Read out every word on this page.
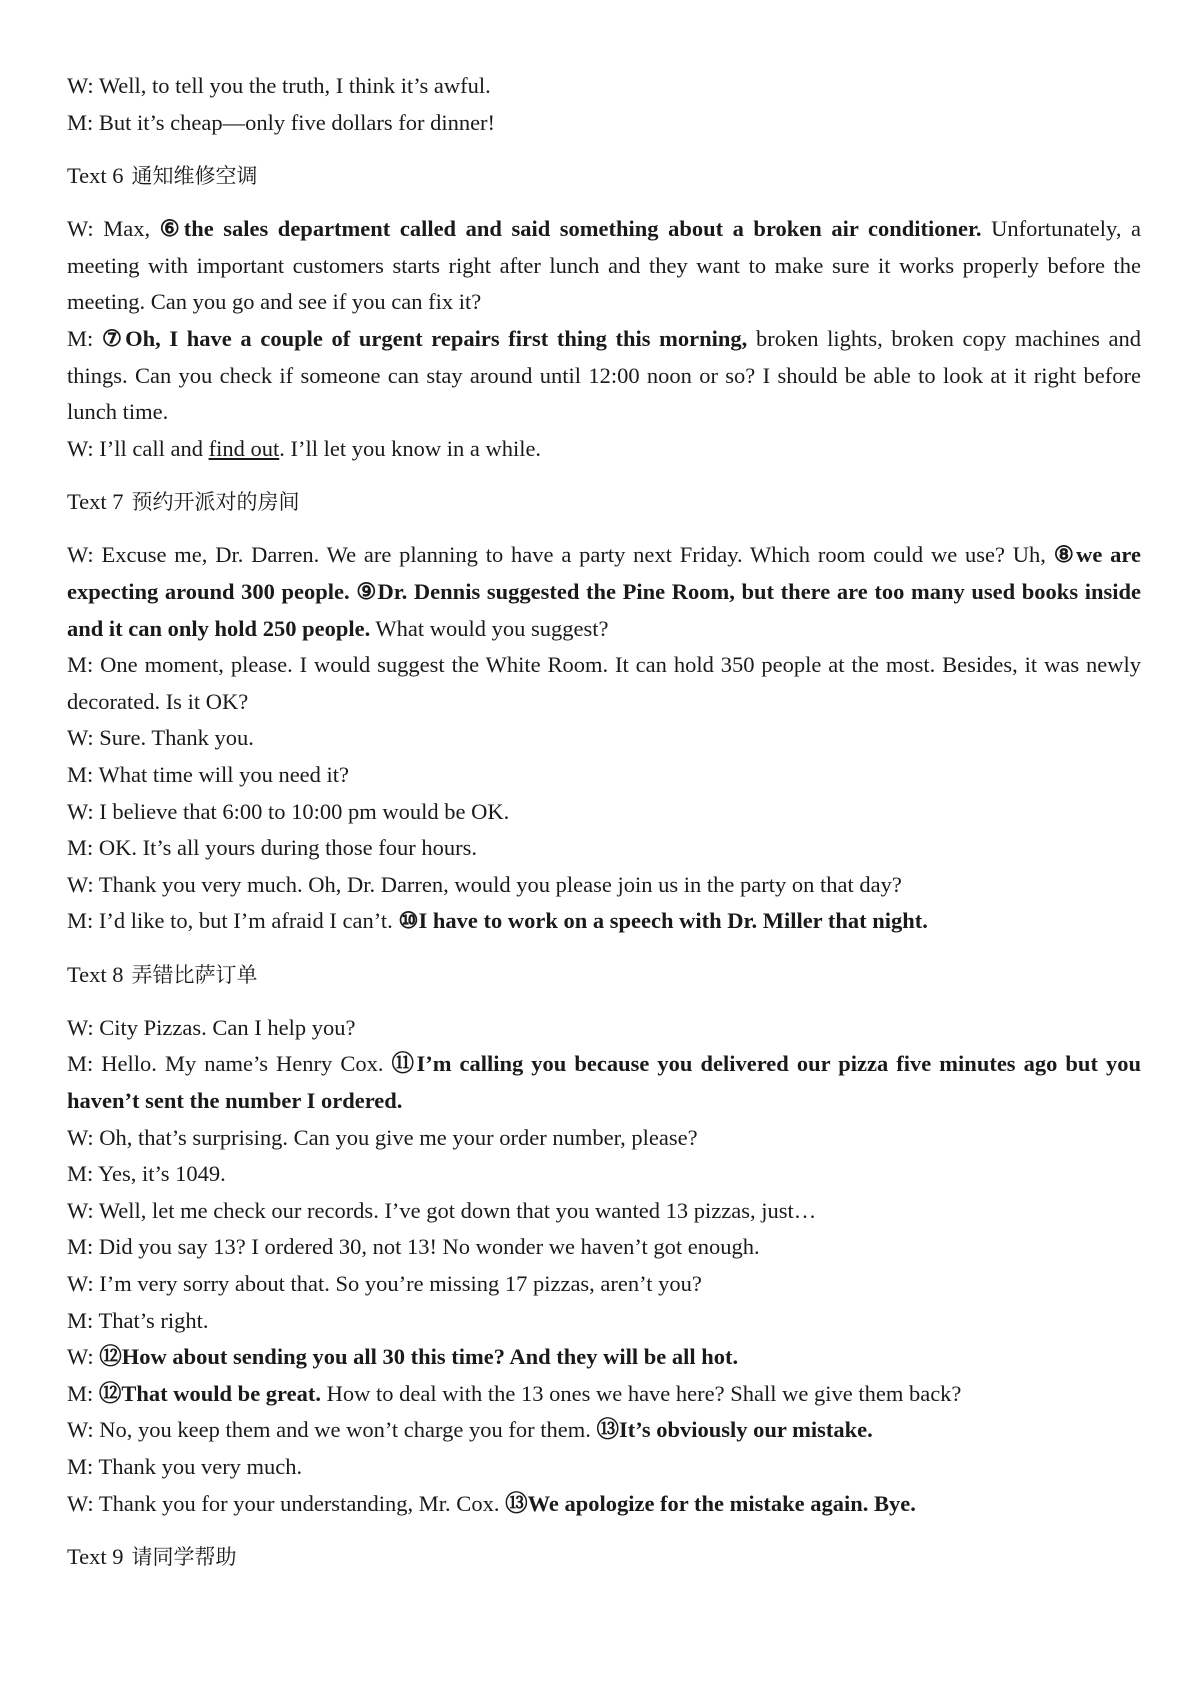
W: Well, to tell you the truth, I think it’s awful.

M: But it’s cheap—only five dollars for dinner!

Text 6 通知维修空调

W: Max, ⑥the sales department called and said something about a broken air conditioner. Unfortunately, a meeting with important customers starts right after lunch and they want to make sure it works properly before the meeting. Can you go and see if you can fix it?

M: ⑦Oh, I have a couple of urgent repairs first thing this morning, broken lights, broken copy machines and things. Can you check if someone can stay around until 12:00 noon or so? I should be able to look at it right before lunch time.

W: I’ll call and find out. I’ll let you know in a while.

Text 7 预约开派对的房间

W: Excuse me, Dr. Darren. We are planning to have a party next Friday. Which room could we use? Uh, ⑧we are expecting around 300 people. ⑨Dr. Dennis suggested the Pine Room, but there are too many used books inside and it can only hold 250 people. What would you suggest?

M: One moment, please. I would suggest the White Room. It can hold 350 people at the most. Besides, it was newly decorated. Is it OK?

W: Sure. Thank you.

M: What time will you need it?

W: I believe that 6:00 to 10:00 pm would be OK.

M: OK. It’s all yours during those four hours.

W: Thank you very much. Oh, Dr. Darren, would you please join us in the party on that day?

M: I’d like to, but I’m afraid I can’t. ⑩I have to work on a speech with Dr. Miller that night.

Text 8 弄错比萨订单

W: City Pizzas. Can I help you?

M: Hello. My name’s Henry Cox. ⑪I’m calling you because you delivered our pizza five minutes ago but you haven’t sent the number I ordered.

W: Oh, that’s surprising. Can you give me your order number, please?

M: Yes, it’s 1049.

W: Well, let me check our records. I’ve got down that you wanted 13 pizzas, just…

M: Did you say 13? I ordered 30, not 13! No wonder we haven’t got enough.

W: I’m very sorry about that. So you’re missing 17 pizzas, aren’t you?

M: That’s right.

W: ⑫How about sending you all 30 this time? And they will be all hot.

M: ⑫That would be great. How to deal with the 13 ones we have here? Shall we give them back?

W: No, you keep them and we won’t charge you for them. ⑬It’s obviously our mistake.

M: Thank you very much.

W: Thank you for your understanding, Mr. Cox. ⑬We apologize for the mistake again. Bye.

Text 9 请同学帮助
